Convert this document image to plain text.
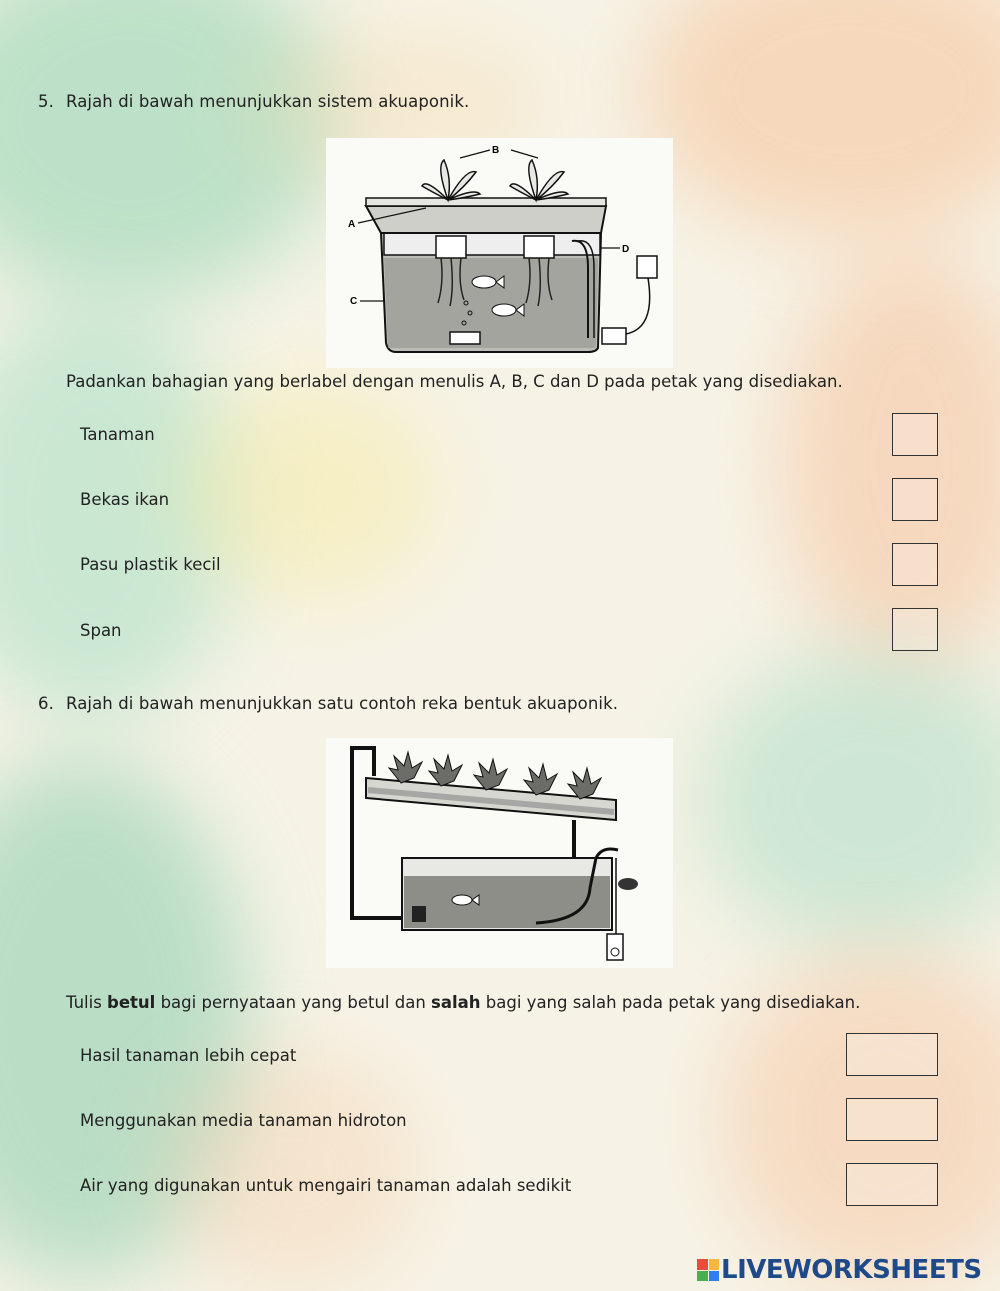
5. Rajah di bawah menunjukkan sistem akuaponik.
A
B
C
D
Padankan bahagian yang berlabel dengan menulis A, B, C dan D pada petak yang disediakan.
Tanaman
Bekas ikan
Pasu plastik kecil
Span
6. Rajah di bawah menunjukkan satu contoh reka bentuk akuaponik.
Tulis betul bagi pernyataan yang betul dan salah bagi yang salah pada petak yang disediakan.
Hasil tanaman lebih cepat
Menggunakan media tanaman hidroton
Air yang digunakan untuk mengairi tanaman adalah sedikit
LIVEWORKSHEETS
